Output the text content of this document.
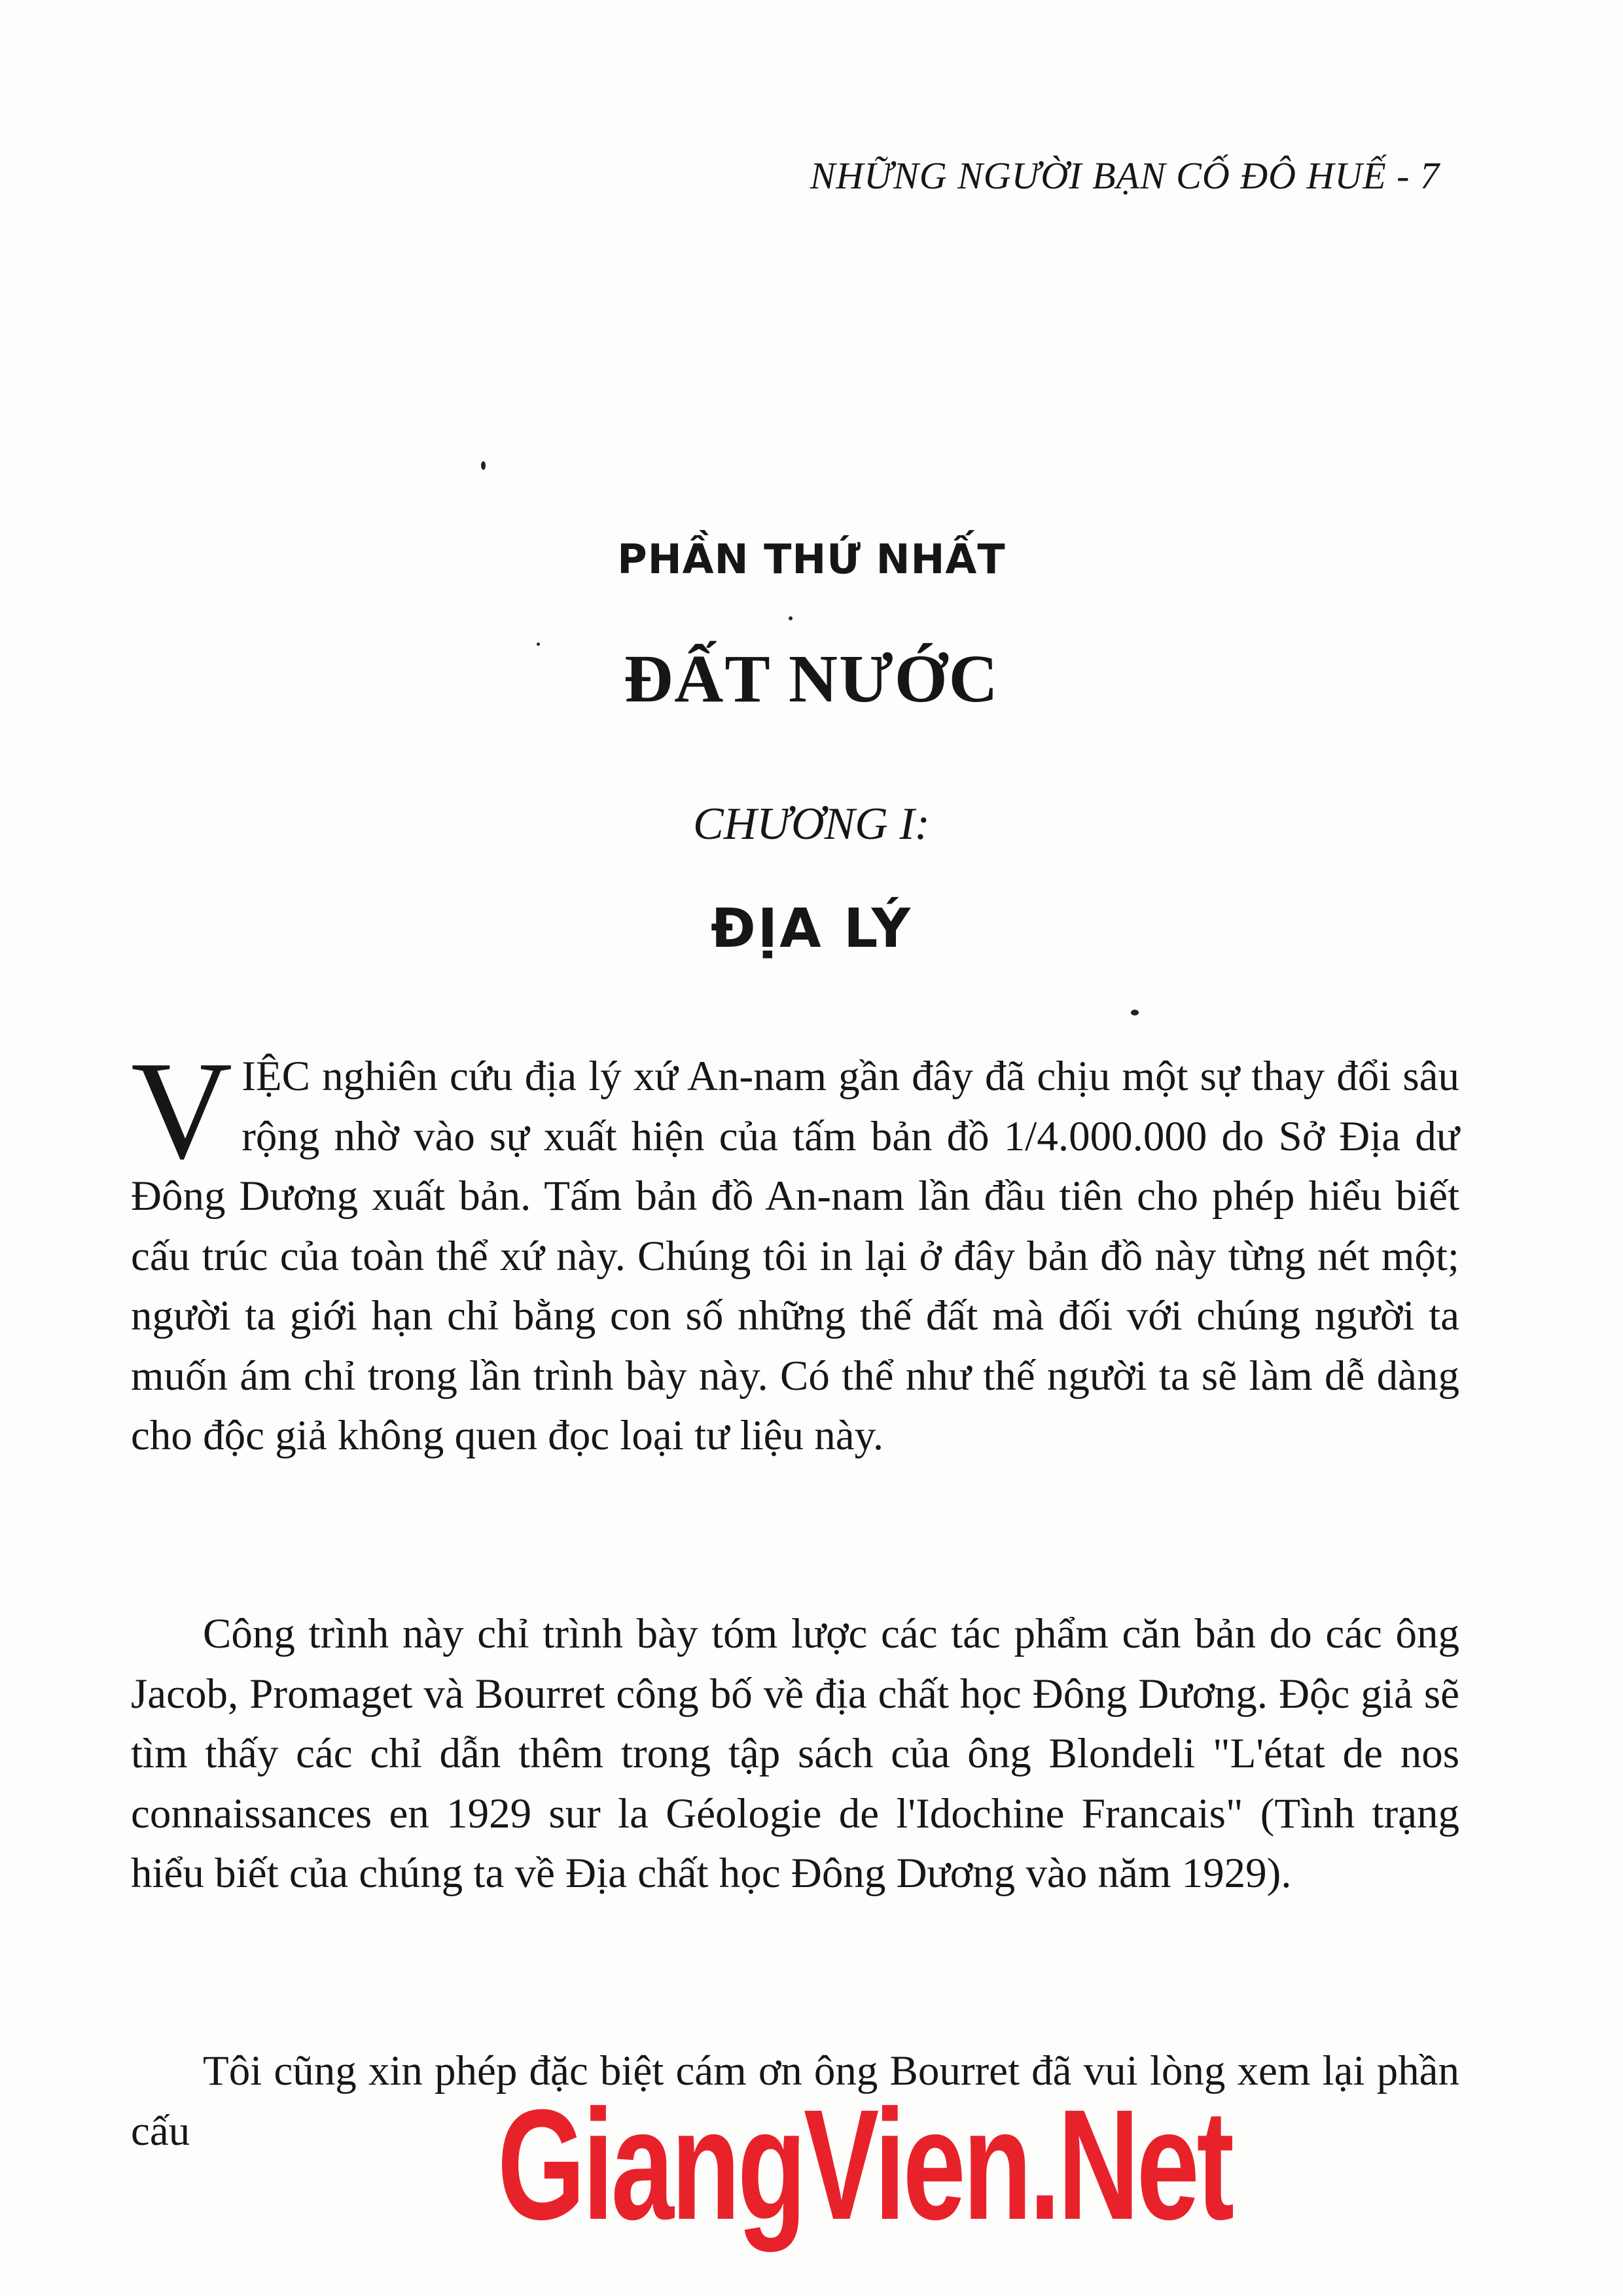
NHỮNG NGƯỜI BẠN CỐ ĐÔ HUẾ - 7
PHẦN THỨ NHẤT
ĐẤT NƯỚC
CHƯƠNG I:
ĐỊA LÝ
VIỆC nghiên cứu địa lý xứ An-nam gần đây đã chịu một sự thay đổi sâu rộng nhờ vào sự xuất hiện của tấm bản đồ 1/4.000.000 do Sở Địa dư Đông Dương xuất bản. Tấm bản đồ An-nam lần đầu tiên cho phép hiểu biết cấu trúc của toàn thể xứ này. Chúng tôi in lại ở đây bản đồ này từng nét một; người ta giới hạn chỉ bằng con số những thế đất mà đối với chúng người ta muốn ám chỉ trong lần trình bày này. Có thể như thế người ta sẽ làm dễ dàng cho độc giả không quen đọc loại tư liệu này.
Công trình này chỉ trình bày tóm lược các tác phẩm căn bản do các ông Jacob, Promaget và Bourret công bố về địa chất học Đông Dương. Độc giả sẽ tìm thấy các chỉ dẫn thêm trong tập sách của ông Blondeli "L'état de nos connaissances en 1929 sur la Géologie de l'Idochine Francais" (Tình trạng hiểu biết của chúng ta về Địa chất học Đông Dương vào năm 1929).
Tôi cũng xin phép đặc biệt cám ơn ông Bourret đã vui lòng xem lại phần cấu	GiangVien.Net
